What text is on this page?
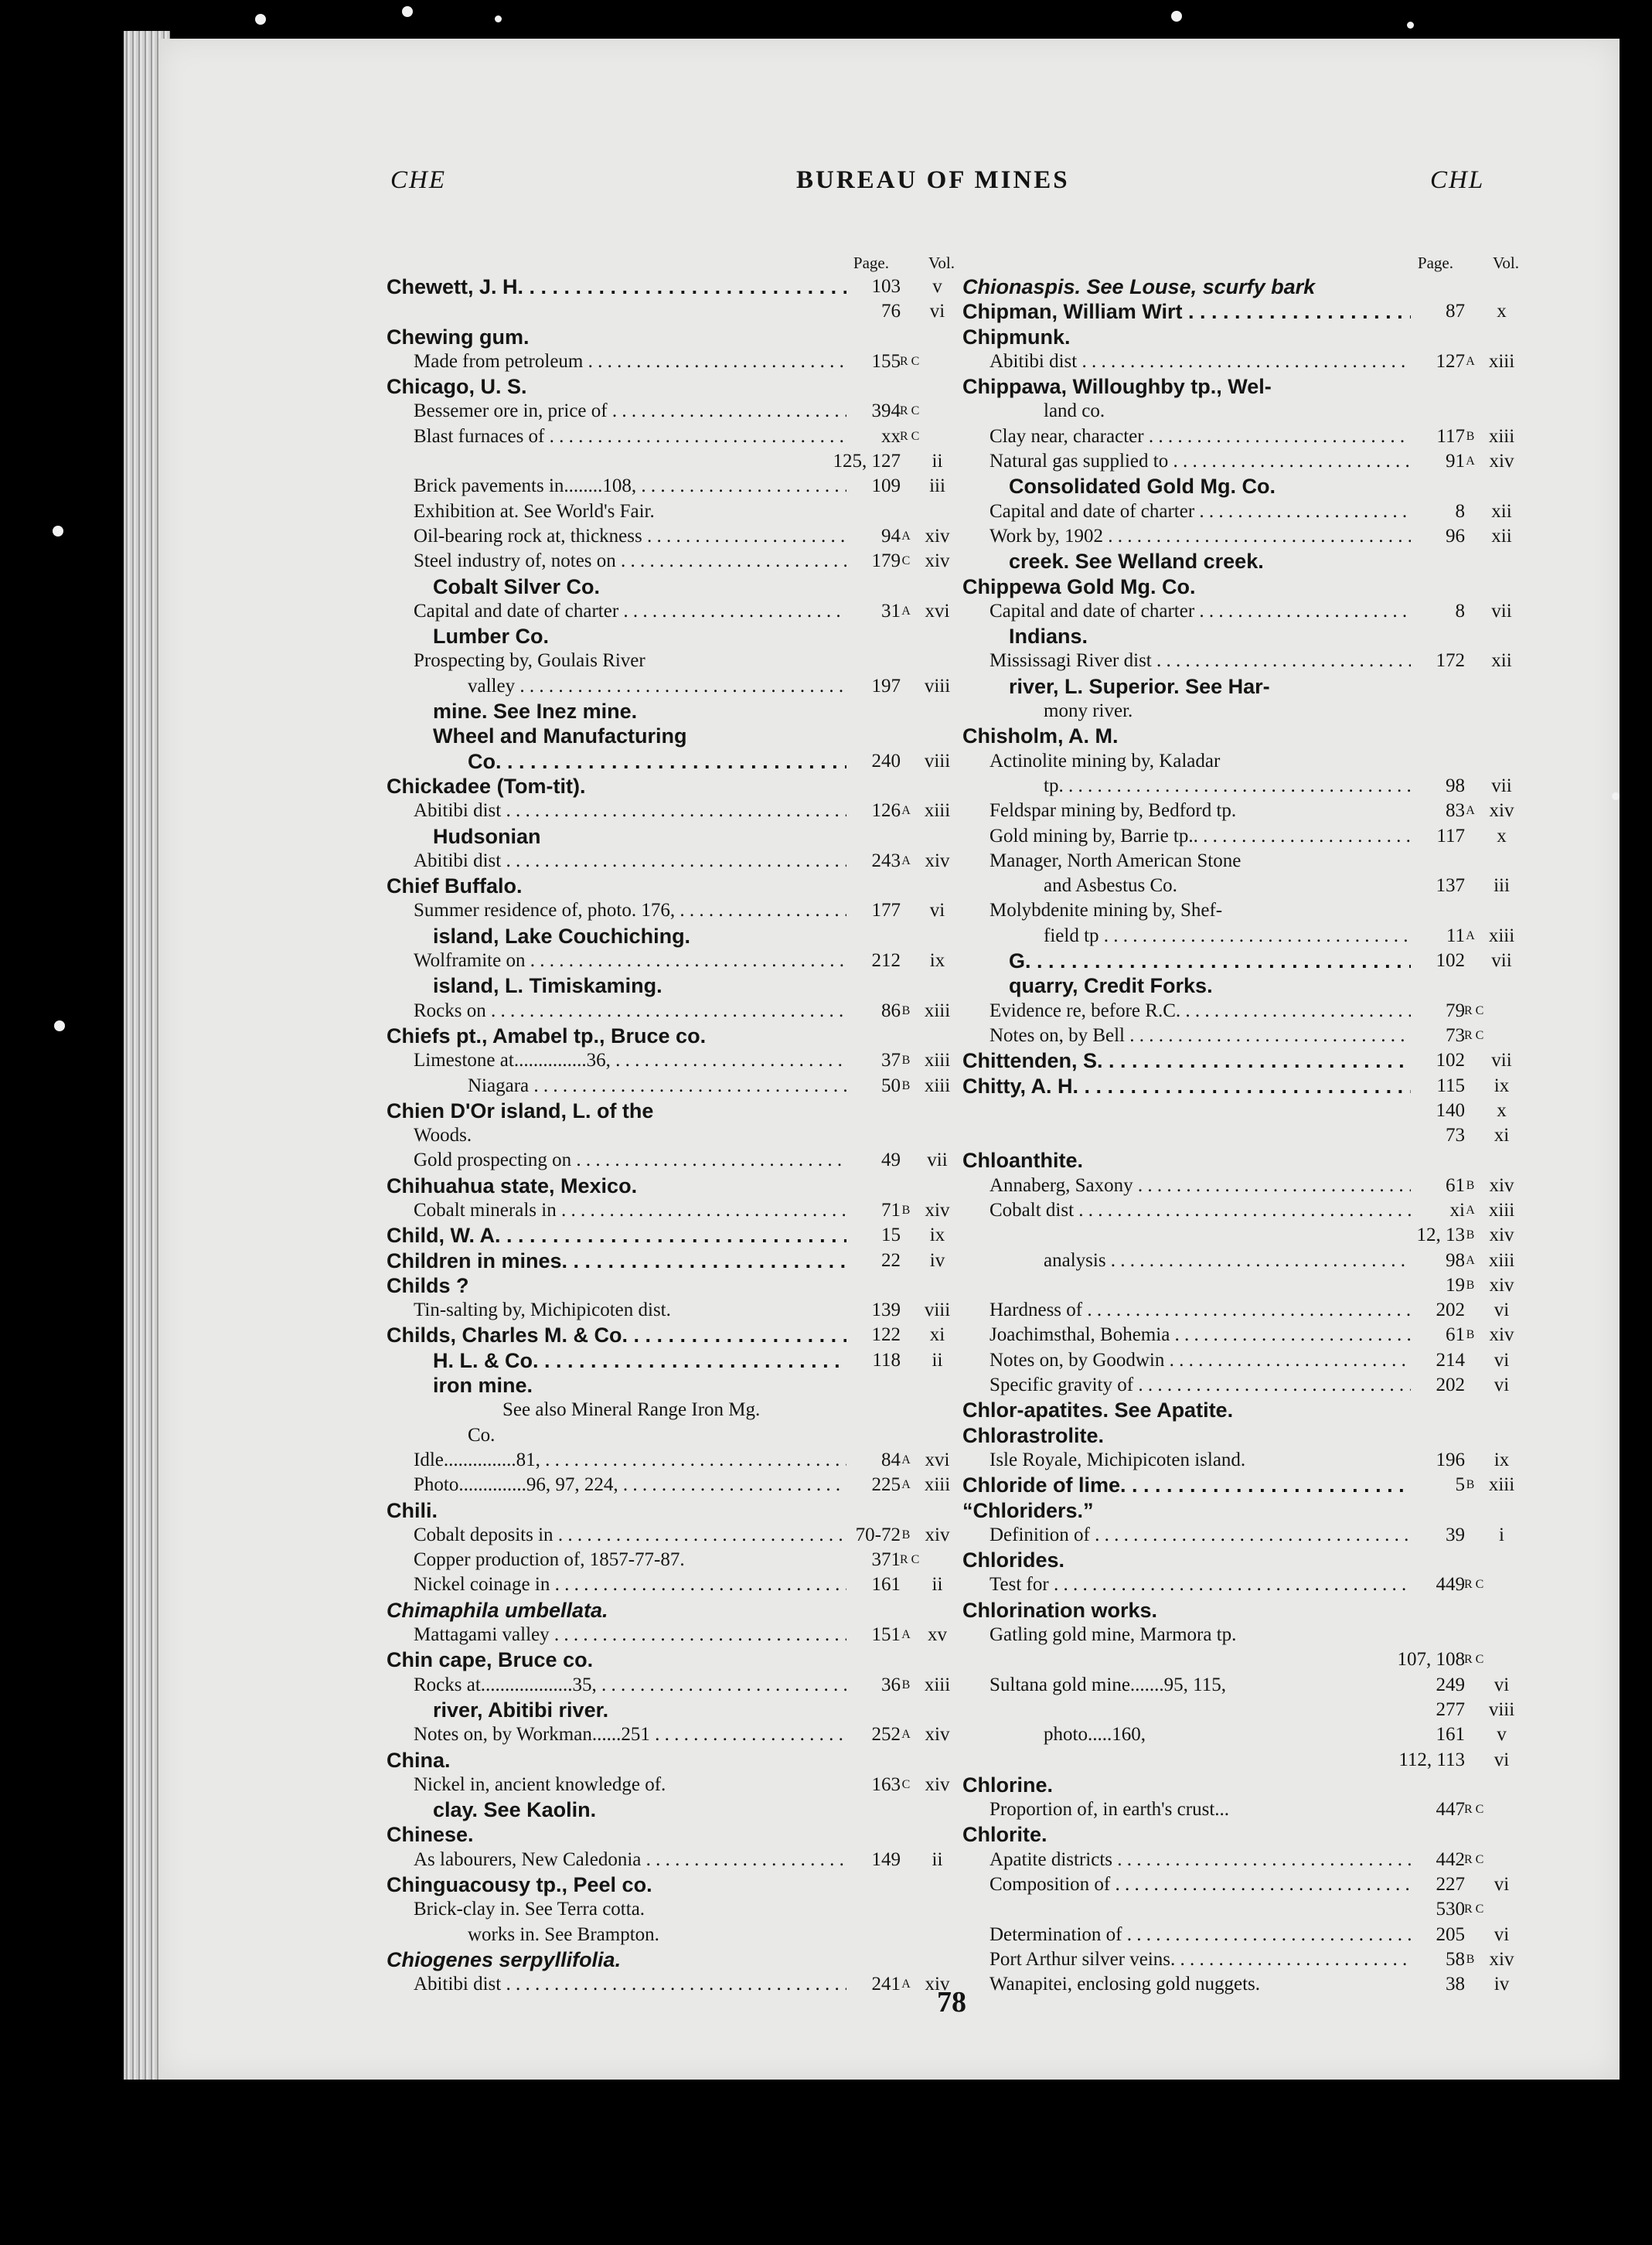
CHE	BUREAU OF MINES	CHL
Page. Vol.
Chewett, J. H. . . .	103	v
76	vi
Chewing gum.
Made from petroleum . . .	155 R C
Chicago, U. S.
Bessemer ore in, price of . . .	394 R C
Blast furnaces of . . .	xx R C
125, 127	ii
Brick pavements in........108, . . .	109	iii
Exhibition at. See World's Fair.
Oil-bearing rock at, thickness . . .	94 A xiv
Steel industry of, notes on . . .	179 C xiv
Cobalt Silver Co.
Capital and date of charter . . .	31 A xvi
Lumber Co.
Prospecting by, Goulais River
valley . . .	197	viii
mine. See Inez mine.
Wheel and Manufacturing
Co. . . .	240	viii
Chickadee (Tom-tit).
Abitibi dist . . .	126 A xiii
Hudsonian
Abitibi dist . . .	243 A xiv
Chief Buffalo.
Summer residence of, photo. 176, . . .	177	vi
island, Lake Couchiching.
Wolframite on . . .	212	ix
island, L. Timiskaming.
Rocks on . . .	86 B xiii
Chiefs pt., Amabel tp., Bruce co.
Limestone at...............36, . . .	37 B xiii
Niagara . . .	50 B xiii
Chien D'Or island, L. of the
Woods.
Gold prospecting on . . .	49	vii
Chihuahua state, Mexico.
Cobalt minerals in . . .	71 B xiv
Child, W. A. . . .	15	ix
Children in mines. . . .	22	iv
Childs ?
Tin-salting by, Michipicoten dist.	139	viii
Childs, Charles M. & Co. . . .	122	xi
H. L. & Co. . . .	118	ii
iron mine.
See also Mineral Range Iron Mg.
Co.
Idle...............81, . . .	84 A xvi
Photo..............96, 97, 224, . . .	225 A xiii
Chili.
Cobalt deposits in . . .	70-72 B xiv
Copper production of, 1857-77-87.	371 R C
Nickel coinage in . . .	161	ii
Chimaphila umbellata.
Mattagami valley . . .	151 A xv
Chin cape, Bruce co.
Rocks at...................35, . . .	36 B xiii
river, Abitibi river.
Notes on, by Workman......251 . . .	252 A xiv
China.
Nickel in, ancient knowledge of.	163 C xiv
clay. See Kaolin.
Chinese.
As labourers, New Caledonia . . .	149	ii
Chinguacousy tp., Peel co.
Brick-clay in. See Terra cotta.
works in. See Brampton.
Chiogenes serpyllifolia.
Abitibi dist . . .	241 A xiv
Page. Vol.
Chionaspis. See Louse, scurfy bark
Chipman, William Wirt . . .	87	x
Chipmunk.
Abitibi dist . . .	127 A xiii
Chippawa, Willoughby tp., Wel-
land co.
Clay near, character . . .	117 B xiii
Natural gas supplied to . . .	91 A xiv
Consolidated Gold Mg. Co.
Capital and date of charter . . .	8	xii
Work by, 1902 . . .	96	xii
creek. See Welland creek.
Chippewa Gold Mg. Co.
Capital and date of charter . . .	8	vii
Indians.
Mississagi River dist . . .	172	xii
river, L. Superior. See Har-
mony river.
Chisholm, A. M.
Actinolite mining by, Kaladar
tp. . . .	98	vii
Feldspar mining by, Bedford tp.	83 A xiv
Gold mining by, Barrie tp.. . . .	117	x
Manager, North American Stone
and Asbestus Co.	137	iii
Molybdenite mining by, Shef-
field tp . . .	11 A xiii
G. . . .	102	vii
quarry, Credit Forks.
Evidence re, before R.C. . . .	79 R C
Notes on, by Bell . . .	73 R C
Chittenden, S. . . .	102	vii
Chitty, A. H. . . .	115	ix
140	x
73	xi
Chloanthite.
Annaberg, Saxony . . .	61 B xiv
Cobalt dist . . .	xi A xiii
12, 13 B xiv
analysis . . .	98 A xiii
19 B xiv
Hardness of . . .	202	vi
Joachimsthal, Bohemia . . .	61 B xiv
Notes on, by Goodwin . . .	214	vi
Specific gravity of . . .	202	vi
Chlor-apatites. See Apatite.
Chlorastrolite.
Isle Royale, Michipicoten island.	196	ix
Chloride of lime. . . .	5 B xiii
“Chloriders.”
Definition of . . .	39	i
Chlorides.
Test for . . .	449 R C
Chlorination works.
Gatling gold mine, Marmora tp.
107, 108 R C
Sultana gold mine.......95, 115,	249	vi
277	viii
photo.....160,	161	v
112, 113	vi
Chlorine.
Proportion of, in earth's crust...	447 R C
Chlorite.
Apatite districts . . .	442 R C
Composition of . . .	227	vi
530 R C
Determination of . . .	205	vi
Port Arthur silver veins. . . .	58 B xiv
Wanapitei, enclosing gold nuggets.	38	iv
78
